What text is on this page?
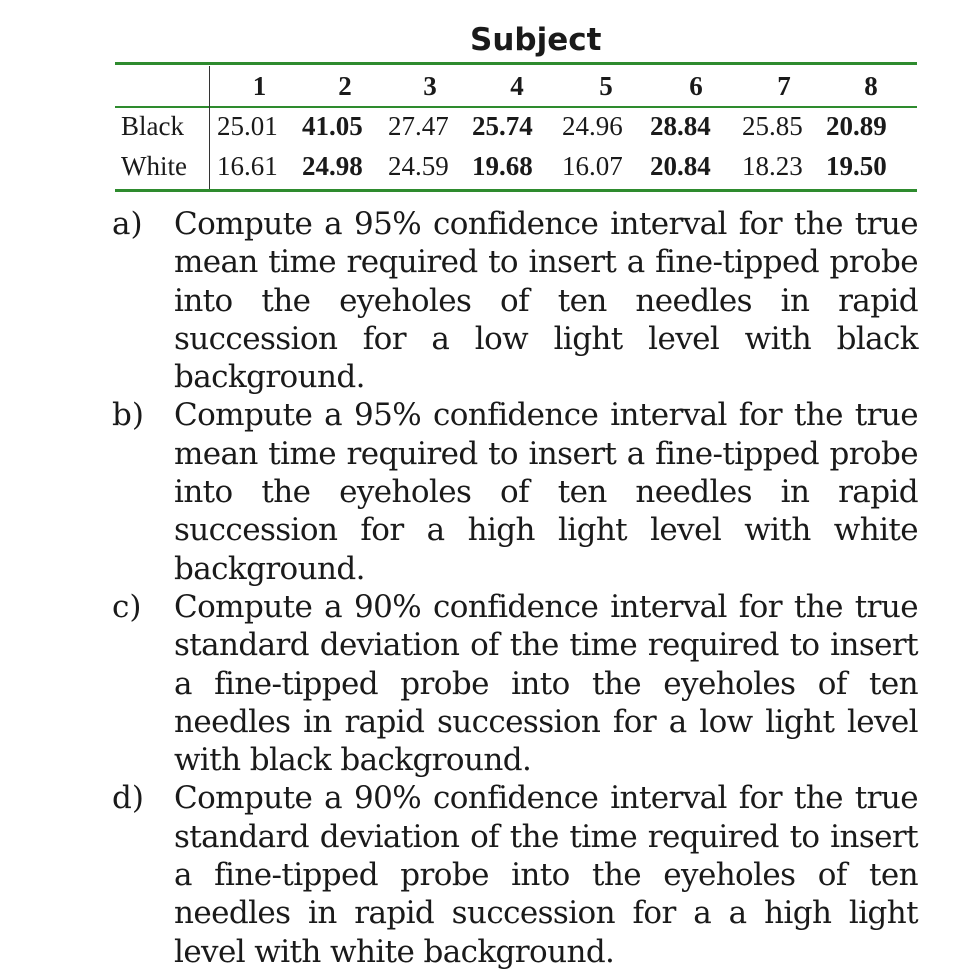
Subject
	1	2	3	4	5	6	7	8
Black	25.01	41.05	27.47	25.74	24.96	28.84	25.85	20.89
White	16.61	24.98	24.59	19.68	16.07	20.84	18.23	19.50
a)	Compute a 95% confidence interval for the true mean time required to insert a fine-tipped probe into the eyeholes of ten needles in rapid succession for a low light level with black background.
b) Compute a 95% confidence interval for the true mean time required to insert a fine-tipped probe into the eyeholes of ten needles in rapid succession for a high light level with white background.
c)	Compute a 90% confidence interval for the true standard deviation of the time required to insert a fine-tipped probe into the eyeholes of ten needles in rapid succession for a low light level with black background.
d) Compute a 90% confidence interval for the true standard deviation of the time required to insert a fine-tipped probe into the eyeholes of ten needles in rapid succession for a a high light level with white background.
